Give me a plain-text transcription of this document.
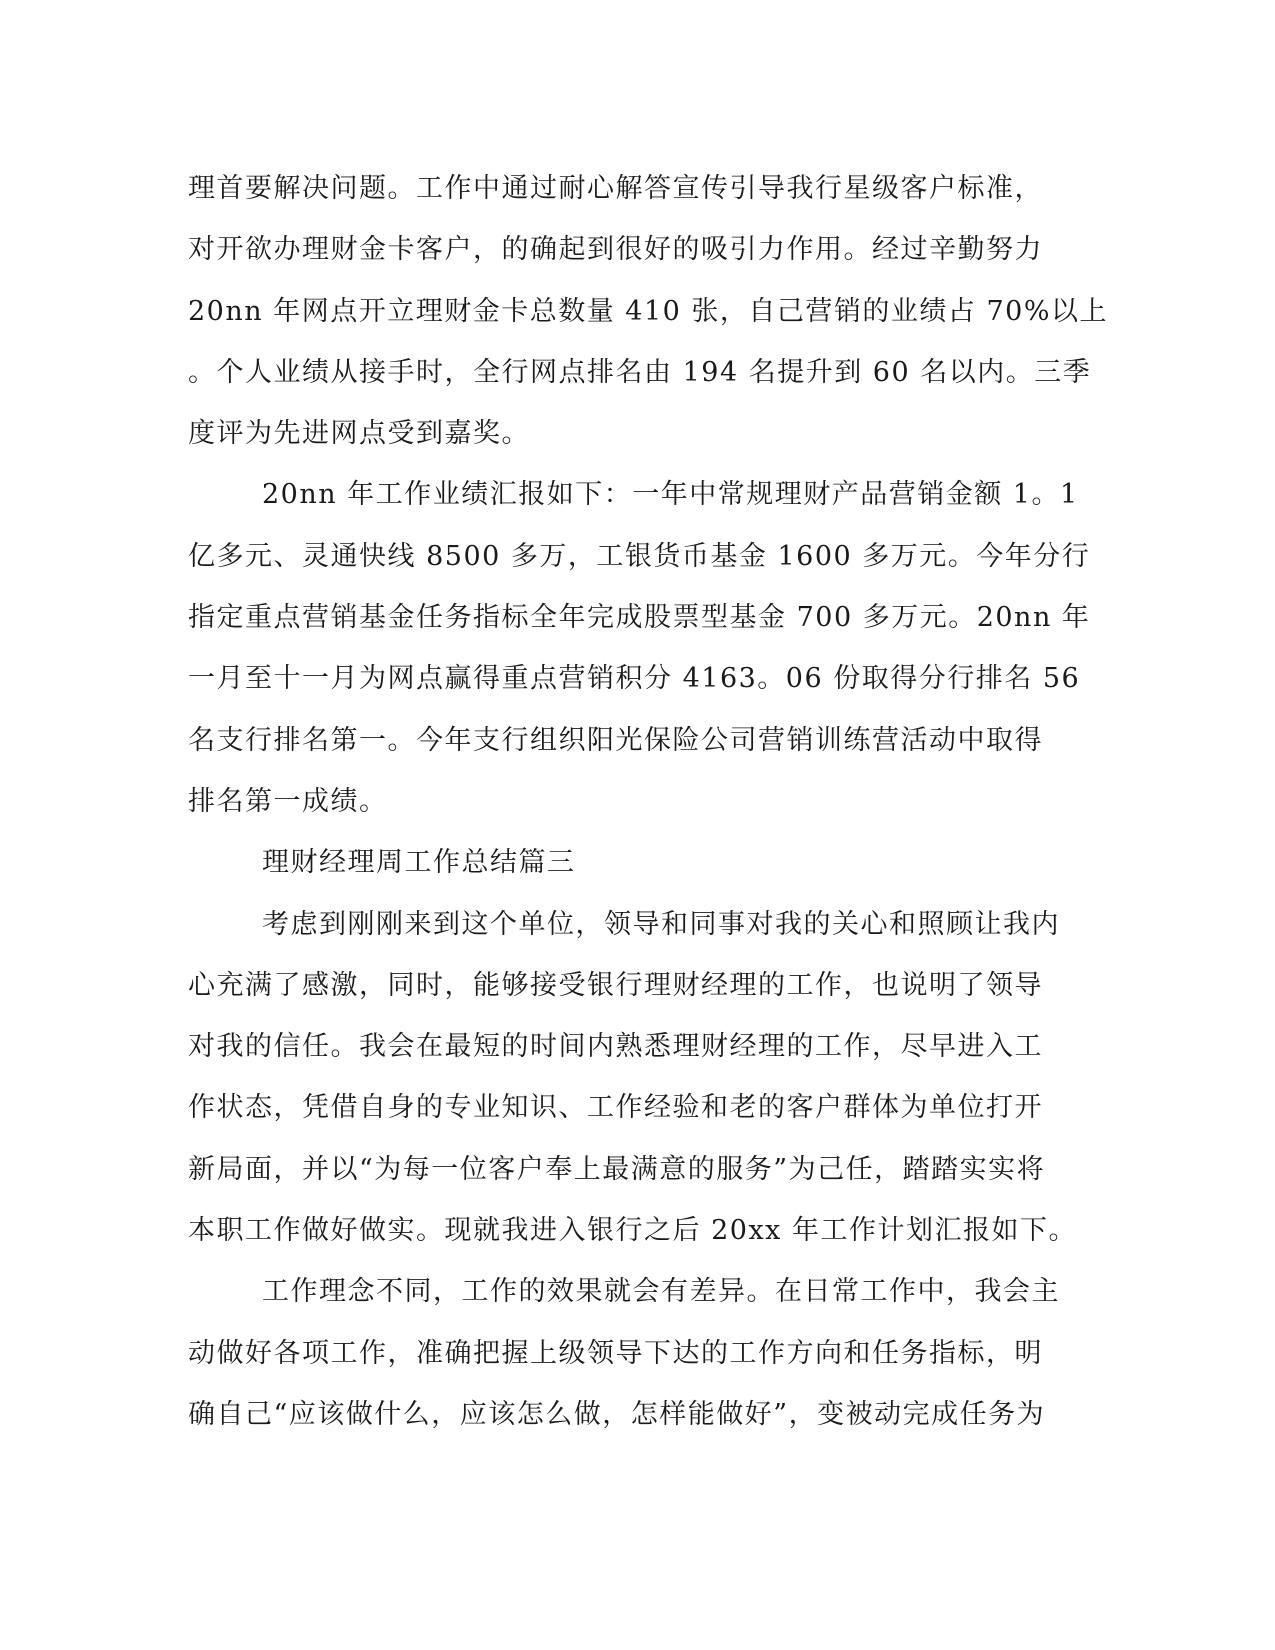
理首要解决问题。工作中通过耐心解答宣传引导我行星级客户标准，
对开欲办理财金卡客户，的确起到很好的吸引力作用。经过辛勤努力
20nn 年网点开立理财金卡总数量 410 张，自己营销的业绩占 70%以上
。个人业绩从接手时，全行网点排名由 194 名提升到 60 名以内。三季
度评为先进网点受到嘉奖。
20nn 年工作业绩汇报如下：一年中常规理财产品营销金额 1。1
亿多元、灵通快线 8500 多万，工银货币基金 1600 多万元。今年分行
指定重点营销基金任务指标全年完成股票型基金 700 多万元。20nn 年
一月至十一月为网点赢得重点营销积分 4163。06 份取得分行排名 56
名支行排名第一。今年支行组织阳光保险公司营销训练营活动中取得
排名第一成绩。
理财经理周工作总结篇三
考虑到刚刚来到这个单位，领导和同事对我的关心和照顾让我内
心充满了感激，同时，能够接受银行理财经理的工作，也说明了领导
对我的信任。我会在最短的时间内熟悉理财经理的工作，尽早进入工
作状态，凭借自身的专业知识、工作经验和老的客户群体为单位打开
新局面，并以“为每一位客户奉上最满意的服务”为己任，踏踏实实将
本职工作做好做实。现就我进入银行之后 20xx 年工作计划汇报如下。
工作理念不同，工作的效果就会有差异。在日常工作中，我会主
动做好各项工作，准确把握上级领导下达的工作方向和任务指标，明
确自己“应该做什么，应该怎么做，怎样能做好”，变被动完成任务为
